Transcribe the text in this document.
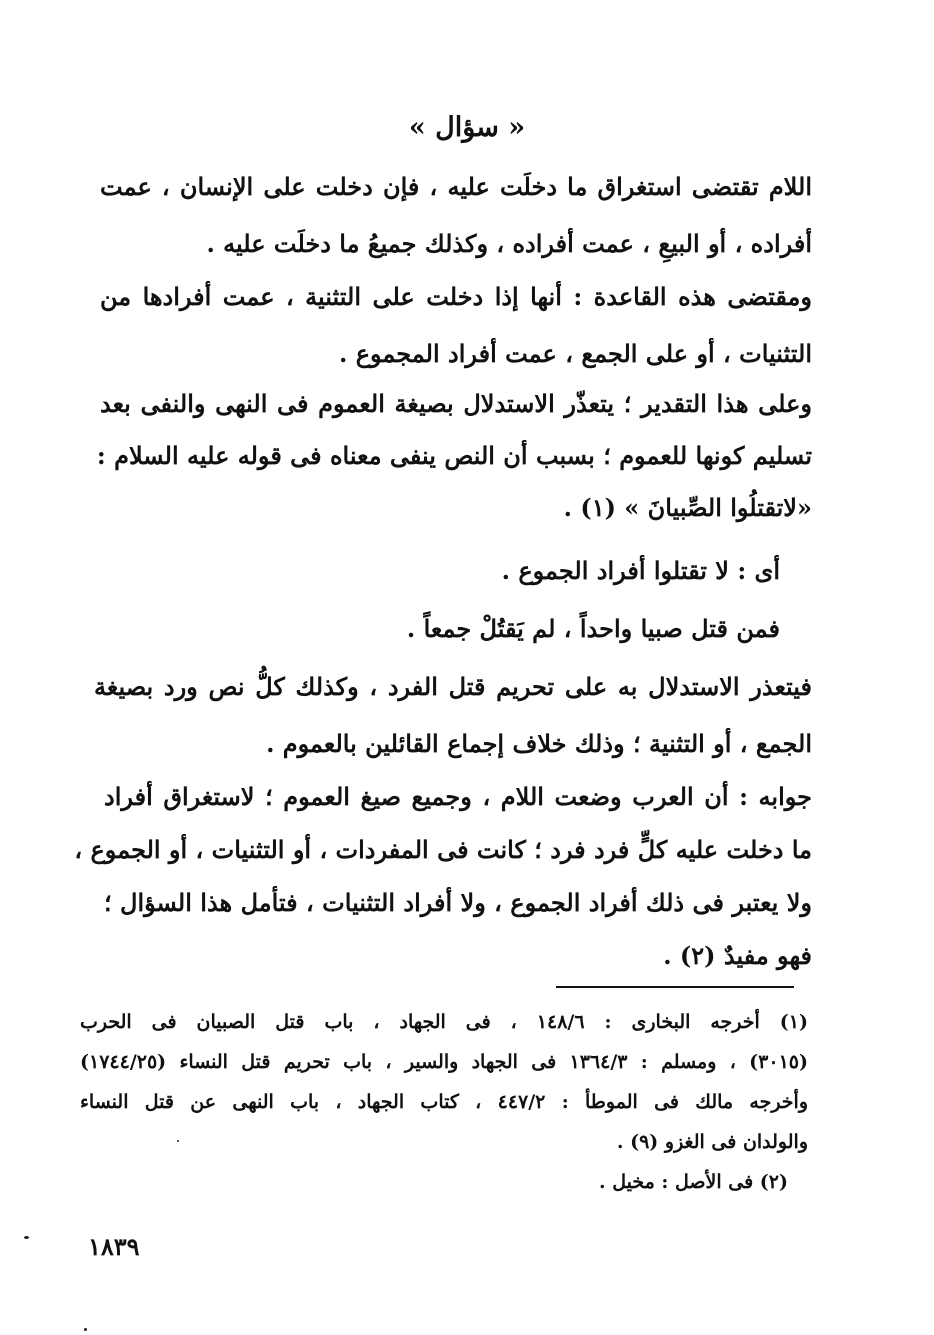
« سؤال »
اللام تقتضى استغراق ما دخلَت عليه ، فإن دخلت على الإنسان ، عمت
أفراده ، أو البيعِ ، عمت أفراده ، وكذلك جميعُ ما دخلَت عليه .
ومقتضى هذه القاعدة : أنها إذا دخلت على التثنية ، عمت أفرادها من
التثنيات ، أو على الجمع ، عمت أفراد المجموع .
وعلى هذا التقدير ؛ يتعذّر الاستدلال بصيغة العموم فى النهى والنفى بعد
تسليم كونها للعموم ؛ بسبب أن النص ينفى معناه فى قوله عليه السلام :
«لاتقتلُوا الصِّبيانَ » (١) .
أى : لا تقتلوا أفراد الجموع .
فمن قتل صبيا واحداً ، لم يَقتُلْ جمعاً .
فيتعذر الاستدلال به على تحريم قتل الفرد ، وكذلك كلُّ نص ورد بصيغة
الجمع ، أو التثنية ؛ وذلك خلاف إجماع القائلين بالعموم .
جوابه : أن العرب وضعت اللام ، وجميع صيغ العموم ؛ لاستغراق أفراد
ما دخلت عليه كلٍّ فرد فرد ؛ كانت فى المفردات ، أو التثنيات ، أو الجموع ،
ولا يعتبر فى ذلك أفراد الجموع ، ولا أفراد التثنيات ، فتأمل هذا السؤال ؛
فهو مفيدٌ (٢) .
(١) أخرجه البخارى : ١٤٨/٦ ، فى الجهاد ، باب قتل الصبيان فى الحرب
(٣٠١٥) ، ومسلم : ١٣٦٤/٣ فى الجهاد والسير ، باب تحريم قتل النساء (١٧٤٤/٢٥)
وأخرجه مالك فى الموطأ : ٤٤٧/٢ ، كتاب الجهاد ، باب النهى عن قتل النساء
والولدان فى الغزو (٩) .
(٢) فى الأصل : مخيل .
١٨٣٩
